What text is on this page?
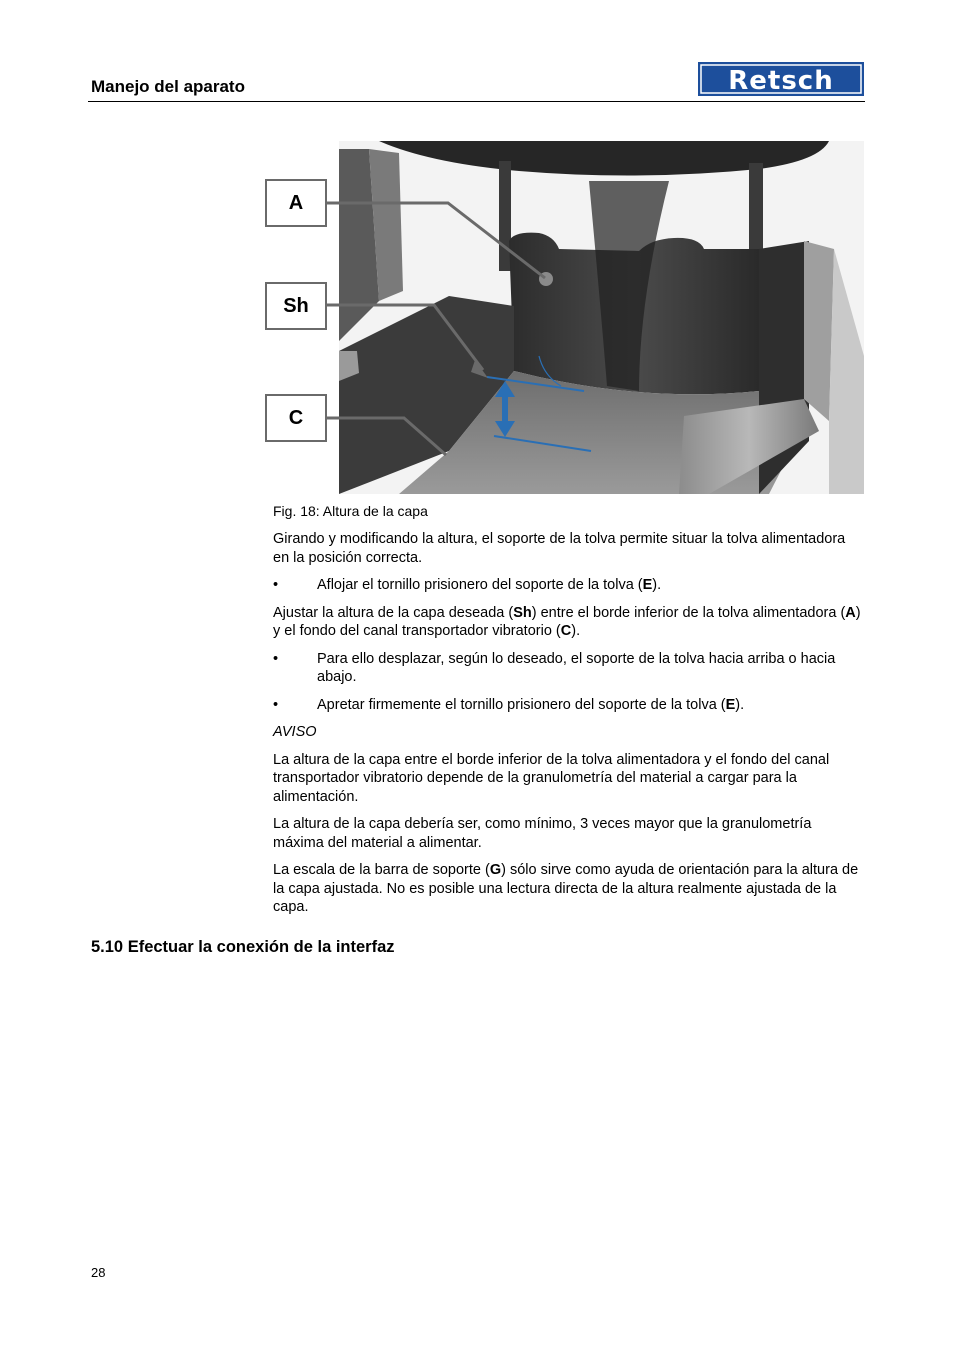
Manejo del aparato	Retsch
A
Sh
C
Fig. 18: Altura de la capa

Girando y modificando la altura, el soporte de la tolva permite situar la tolva alimentadora en la posición correcta.

•	Aflojar el tornillo prisionero del soporte de la tolva (E).

Ajustar la altura de la capa deseada (Sh) entre el borde inferior de la tolva alimentadora (A) y el fondo del canal transportador vibratorio (C).

•	Para ello desplazar, según lo deseado, el soporte de la tolva hacia arriba o hacia abajo.
•	Apretar firmemente el tornillo prisionero del soporte de la tolva (E).
AVISO

La altura de la capa entre el borde inferior de la tolva alimentadora y el fondo del canal transportador vibratorio depende de la granulometría del material a cargar para la alimentación.

La altura de la capa debería ser, como mínimo, 3 veces mayor que la granulometría máxima del material a alimentar.

La escala de la barra de soporte (G) sólo sirve como ayuda de orientación para la altura de la capa ajustada. No es posible una lectura directa de la altura realmente ajustada de la capa.

5.10 Efectuar la conexión de la interfaz
28
